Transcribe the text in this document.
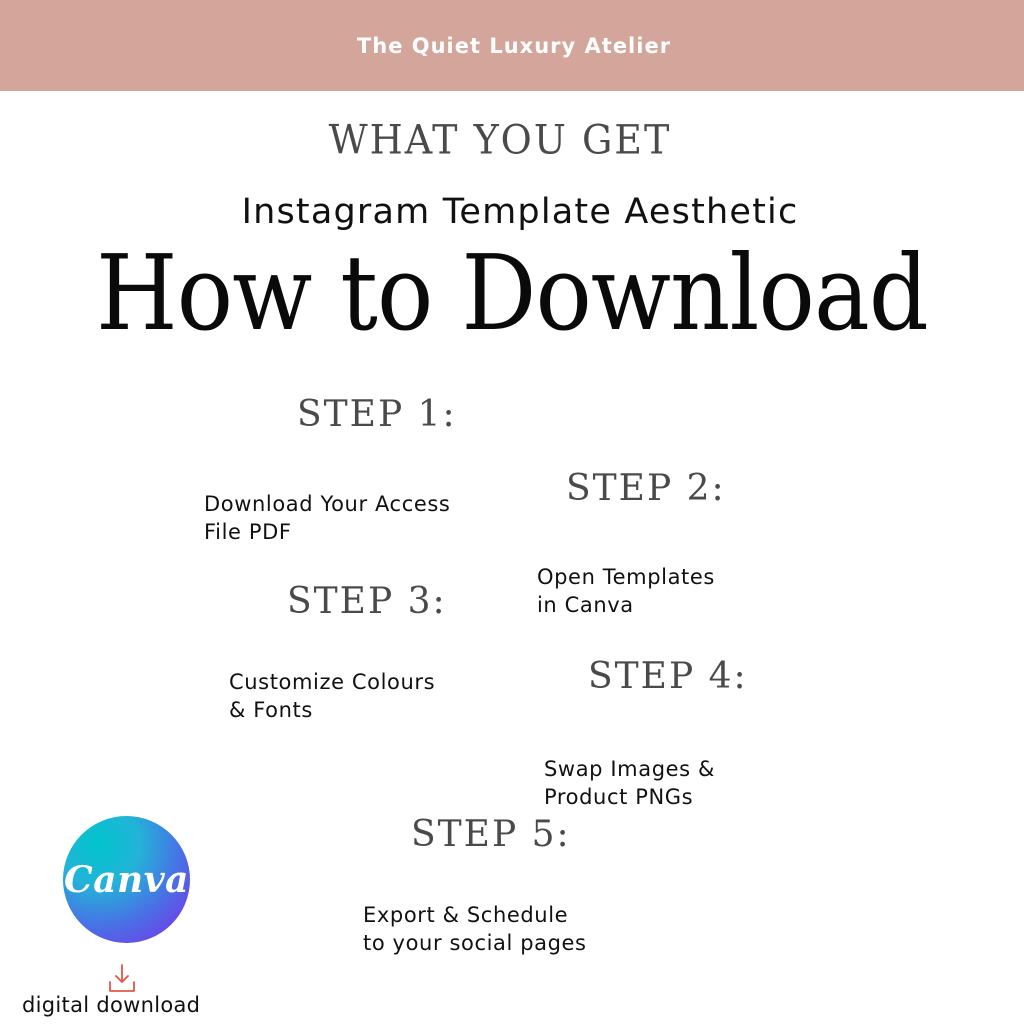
The Quiet Luxury Atelier
WHAT YOU GET
Instagram Template Aesthetic
How to Download
STEP 1:
Download Your Access
File PDF
STEP 2:
Open Templates
in Canva
STEP 3:
Customize Colours
& Fonts
STEP 4:
Swap Images &
Product PNGs
STEP 5:
Export & Schedule
to your social pages
Canva
digital download
